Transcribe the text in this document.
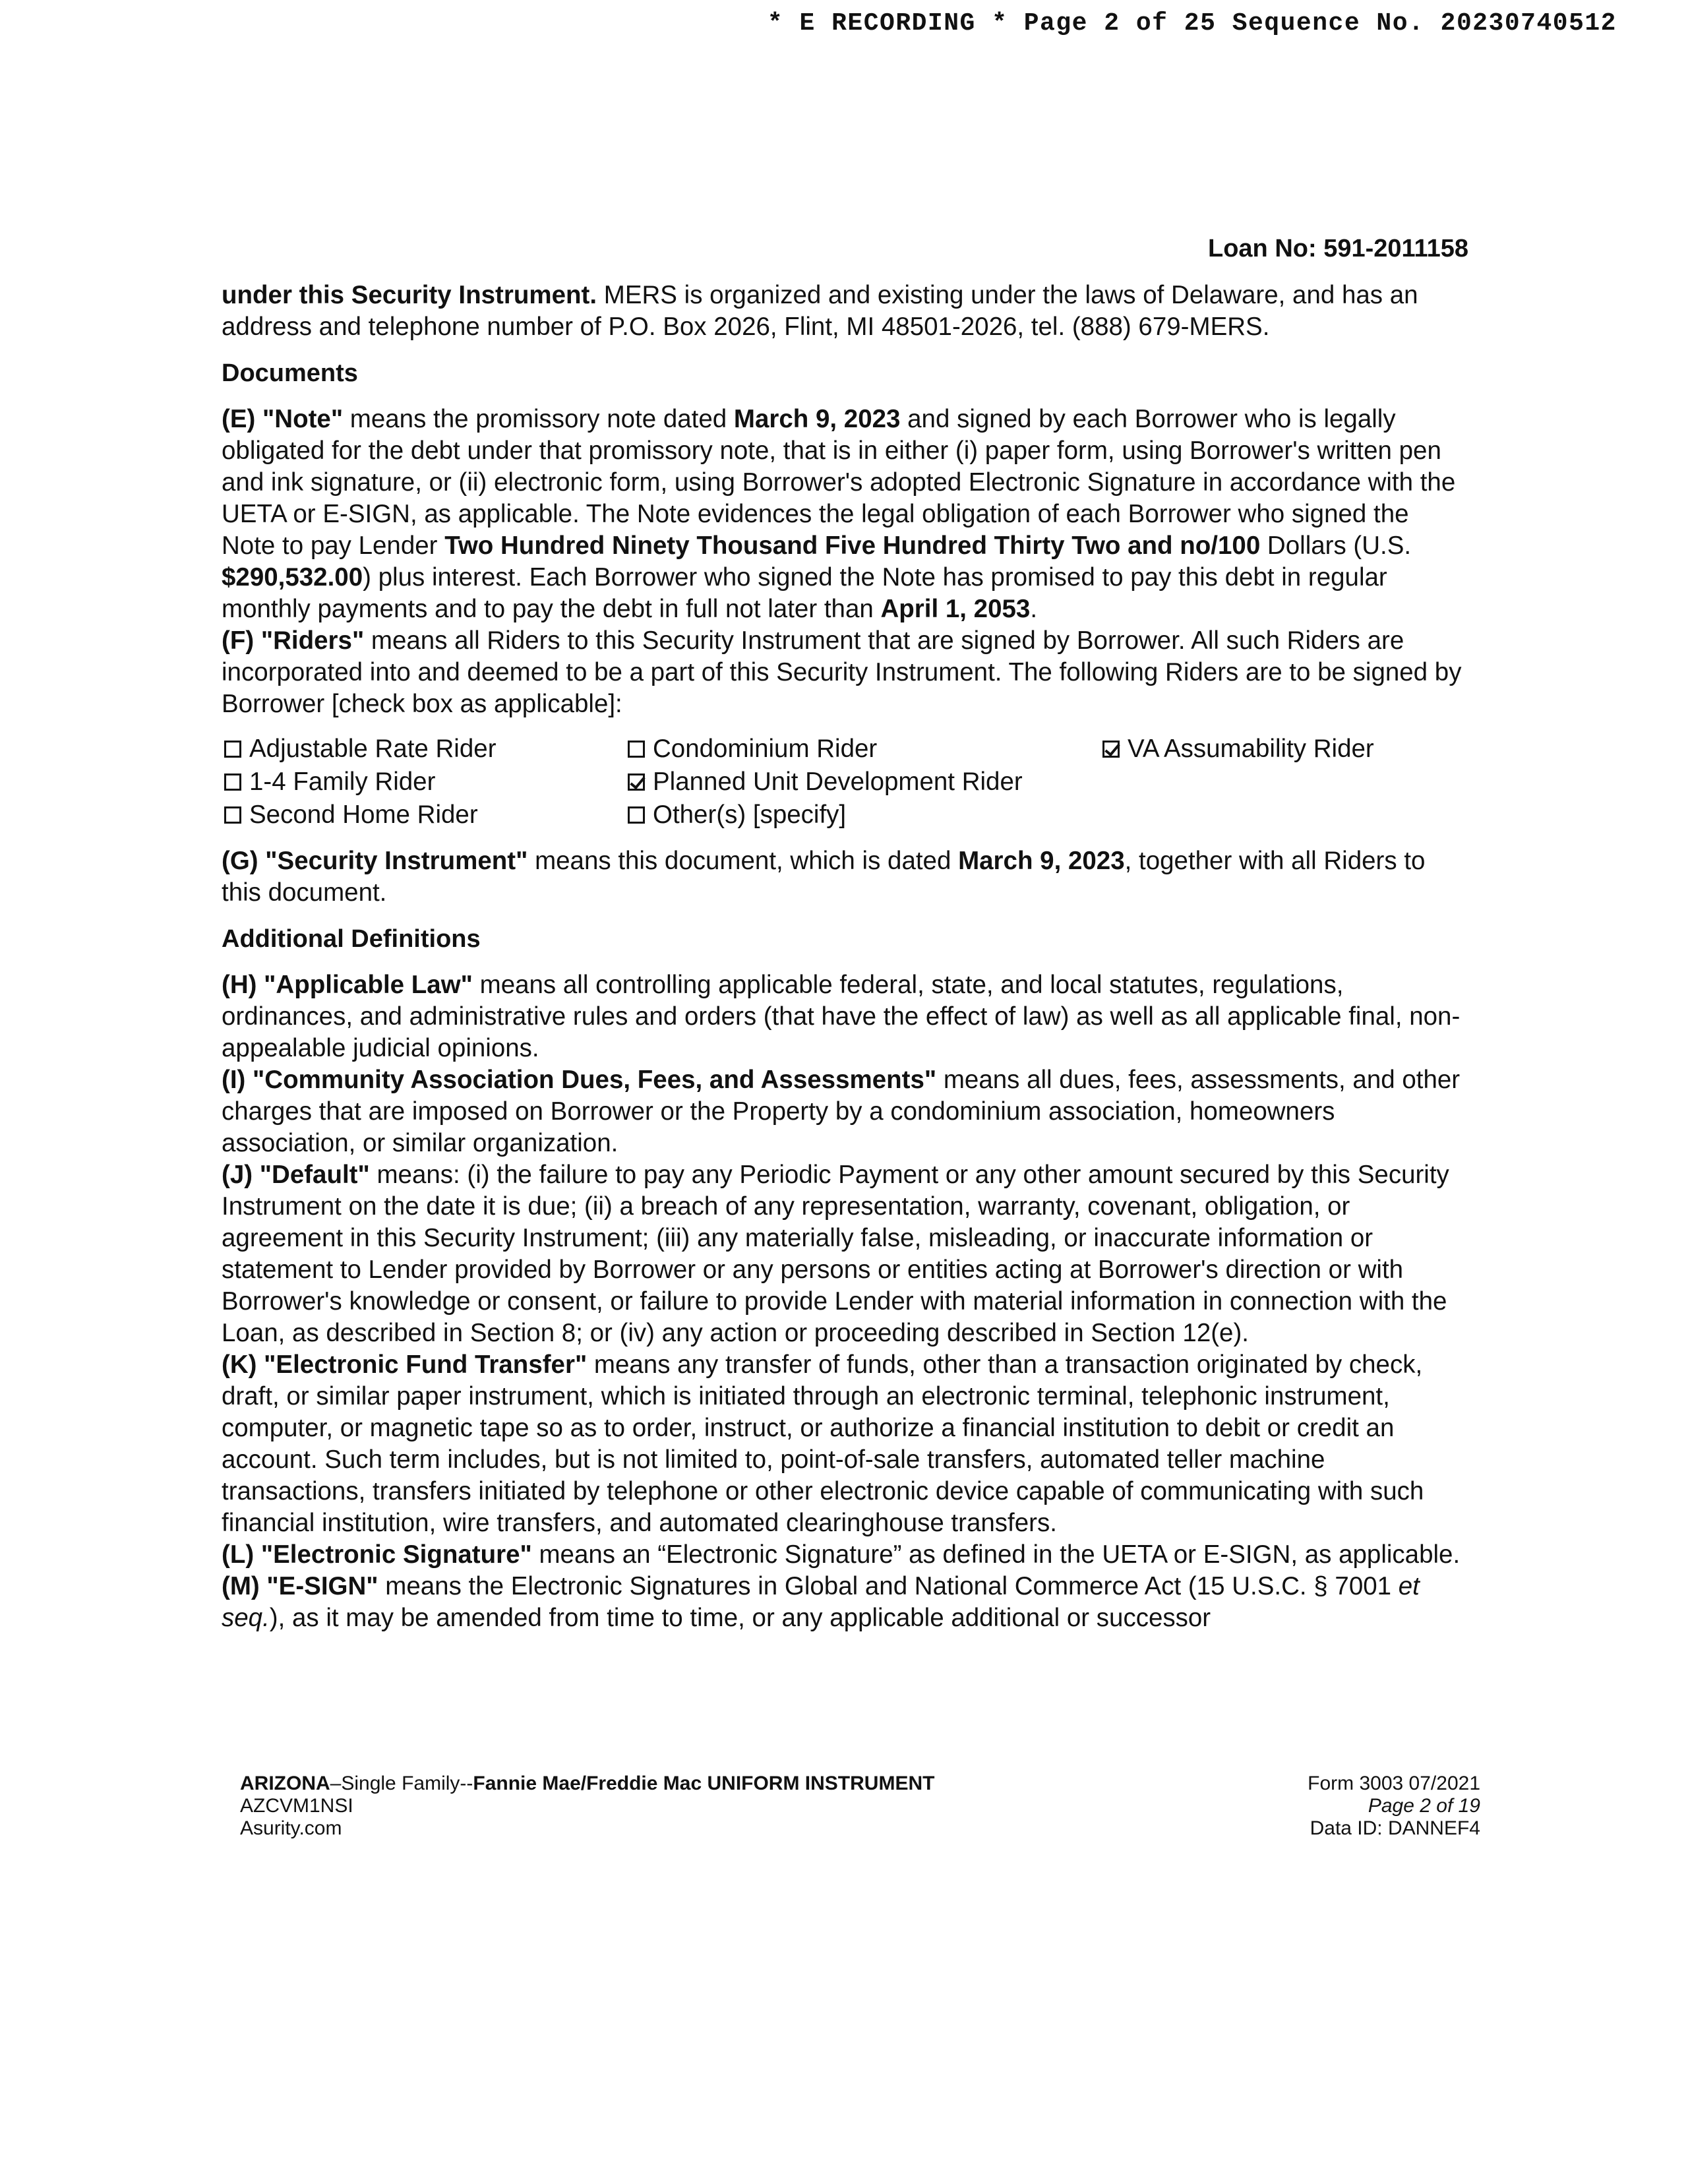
* E RECORDING * Page 2 of 25 Sequence No. 20230740512
Loan No: 591-2011158

under this Security Instrument. MERS is organized and existing under the laws of Delaware, and has an address and telephone number of P.O. Box 2026, Flint, MI 48501-2026, tel. (888) 679-MERS.

Documents

(E) "Note" means the promissory note dated March 9, 2023 and signed by each Borrower who is legally obligated for the debt under that promissory note, that is in either (i) paper form, using Borrower's written pen and ink signature, or (ii) electronic form, using Borrower's adopted Electronic Signature in accordance with the UETA or E-SIGN, as applicable. The Note evidences the legal obligation of each Borrower who signed the Note to pay Lender Two Hundred Ninety Thousand Five Hundred Thirty Two and no/100 Dollars (U.S. $290,532.00) plus interest. Each Borrower who signed the Note has promised to pay this debt in regular monthly payments and to pay the debt in full not later than April 1, 2053.

(F) "Riders" means all Riders to this Security Instrument that are signed by Borrower. All such Riders are incorporated into and deemed to be a part of this Security Instrument. The following Riders are to be signed by Borrower [check box as applicable]:

Adjustable Rate Rider	Condominium Rider	VA Assumability Rider
1-4 Family Rider	Planned Unit Development Rider
Second Home Rider	Other(s) [specify]

(G) "Security Instrument" means this document, which is dated March 9, 2023, together with all Riders to this document.

Additional Definitions

(H) "Applicable Law" means all controlling applicable federal, state, and local statutes, regulations, ordinances, and administrative rules and orders (that have the effect of law) as well as all applicable final, non-appealable judicial opinions.

(I) "Community Association Dues, Fees, and Assessments" means all dues, fees, assessments, and other charges that are imposed on Borrower or the Property by a condominium association, homeowners association, or similar organization.

(J) "Default" means: (i) the failure to pay any Periodic Payment or any other amount secured by this Security Instrument on the date it is due; (ii) a breach of any representation, warranty, covenant, obligation, or agreement in this Security Instrument; (iii) any materially false, misleading, or inaccurate information or statement to Lender provided by Borrower or any persons or entities acting at Borrower's direction or with Borrower's knowledge or consent, or failure to provide Lender with material information in connection with the Loan, as described in Section 8; or (iv) any action or proceeding described in Section 12(e).

(K) "Electronic Fund Transfer" means any transfer of funds, other than a transaction originated by check, draft, or similar paper instrument, which is initiated through an electronic terminal, telephonic instrument, computer, or magnetic tape so as to order, instruct, or authorize a financial institution to debit or credit an account. Such term includes, but is not limited to, point-of-sale transfers, automated teller machine transactions, transfers initiated by telephone or other electronic device capable of communicating with such financial institution, wire transfers, and automated clearinghouse transfers.

(L) "Electronic Signature" means an “Electronic Signature” as defined in the UETA or E-SIGN, as applicable.

(M) "E-SIGN" means the Electronic Signatures in Global and National Commerce Act (15 U.S.C. § 7001 et seq.), as it may be amended from time to time, or any applicable additional or successor

ARIZONA–Single Family--Fannie Mae/Freddie Mac UNIFORM INSTRUMENT
AZCVM1NSI
Asurity.com
Form 3003 07/2021
Page 2 of 19
Data ID: DANNEF4
